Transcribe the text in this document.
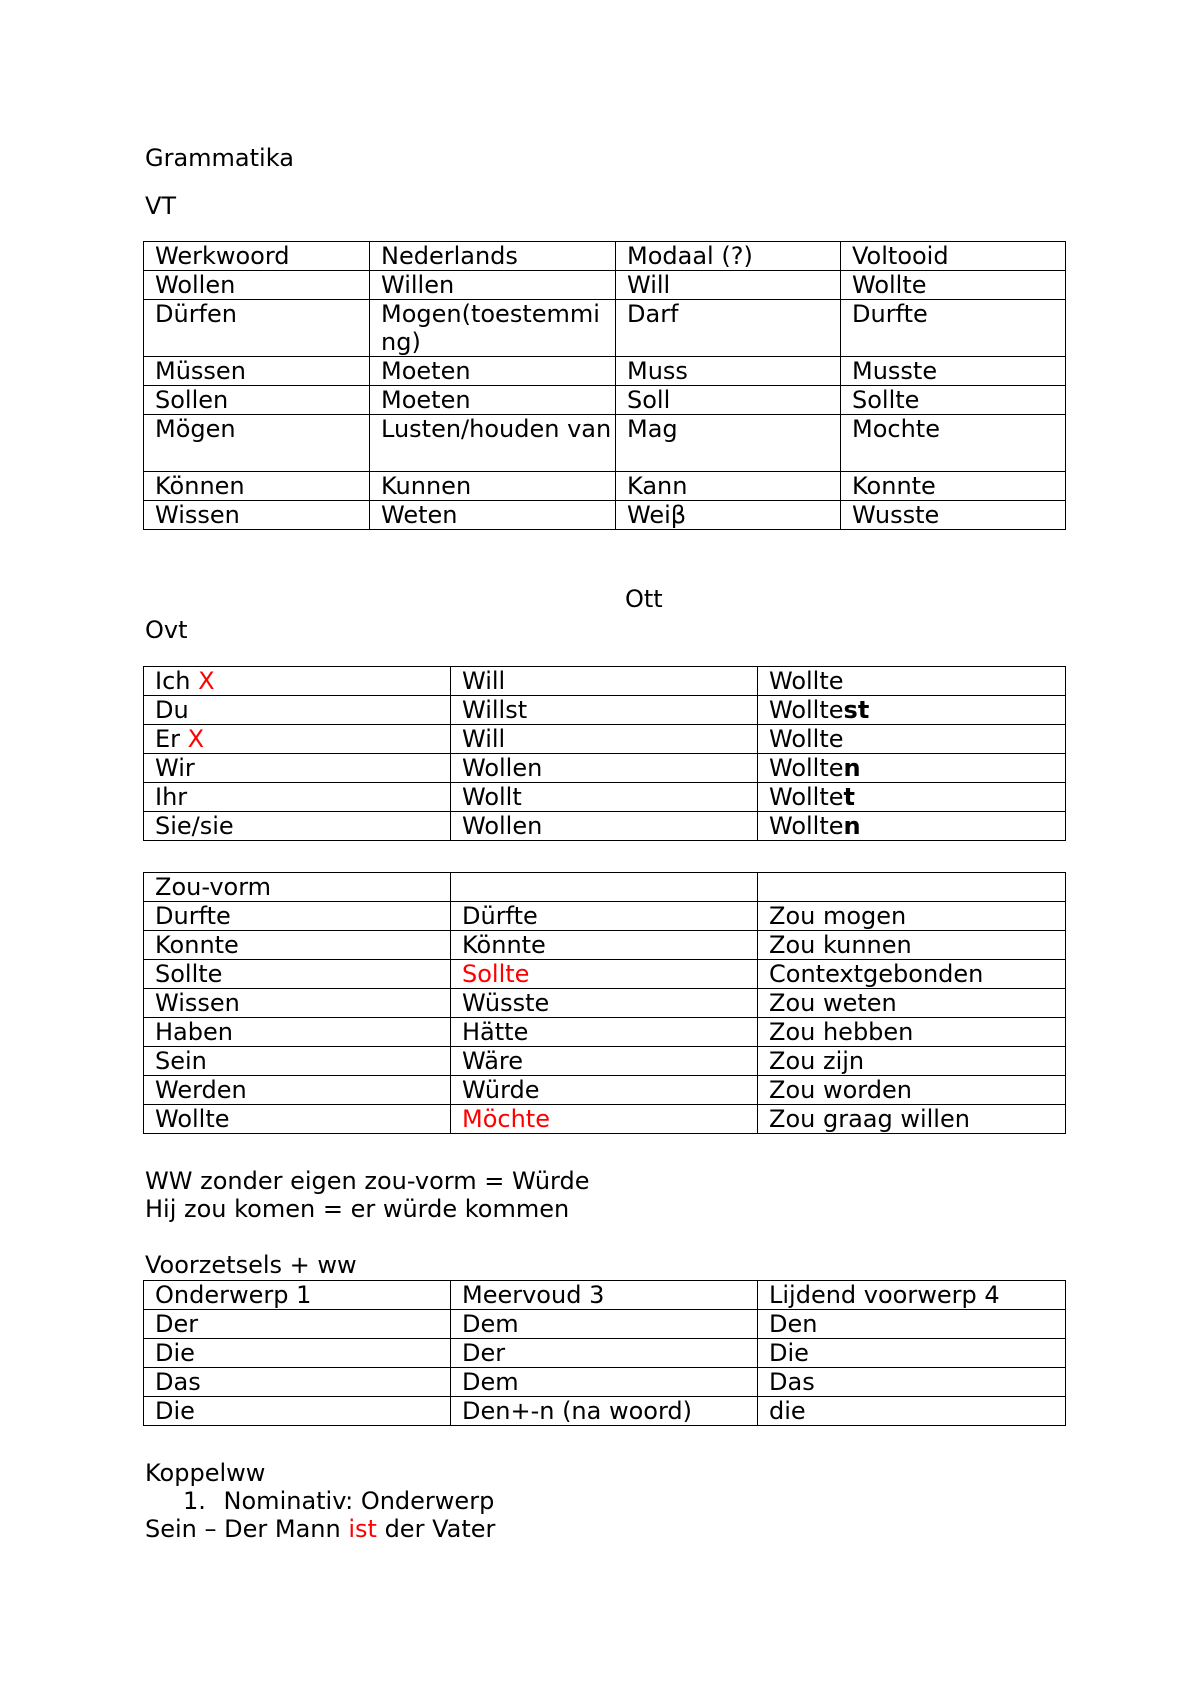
Grammatika
VT
Werkwoord	Nederlands	Modaal (?)	Voltooid
Wollen	Willen	Will	Wollte
Dürfen	Mogen(toestemming)	Darf	Durfte
Müssen	Moeten	Muss	Musste
Sollen	Moeten	Soll	Sollte
Mögen	Lusten/houden van	Mag	Mochte
Können	Kunnen	Kann	Konnte
Wissen	Weten	Weiβ	Wusste
Ott
Ovt
Ich X	Will	Wollte
Du	Willst	Wolltest
Er X	Will	Wollte
Wir	Wollen	Wollten
Ihr	Wollt	Wolltet
Sie/sie	Wollen	Wollten
Zou-vorm		
Durfte	Dürfte	Zou mogen
Konnte	Könnte	Zou kunnen
Sollte	Sollte	Contextgebonden
Wissen	Wüsste	Zou weten
Haben	Hätte	Zou hebben
Sein	Wäre	Zou zijn
Werden	Würde	Zou worden
Wollte	Möchte	Zou graag willen
WW zonder eigen zou-vorm = Würde
Hij zou komen = er würde kommen
Voorzetsels + ww
Onderwerp 1	Meervoud 3	Lijdend voorwerp 4
Der	Dem	Den
Die	Der	Die
Das	Dem	Das
Die	Den+-n (na woord)	die
Koppelww
1. Nominativ: Onderwerp
Sein – Der Mann ist der Vater
